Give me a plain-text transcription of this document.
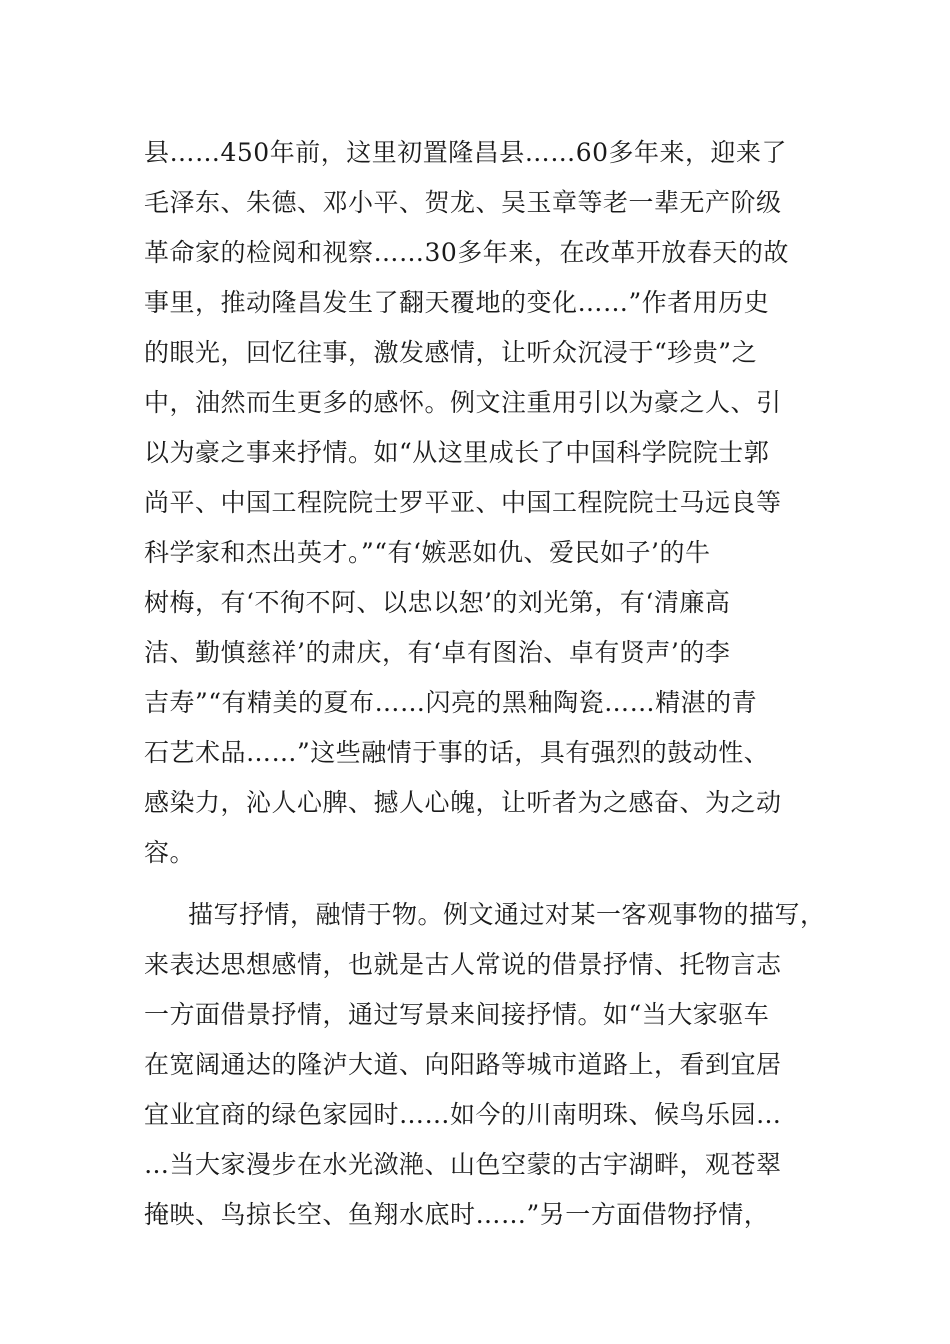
县……450年前，这里初置隆昌县……60多年来，迎来了
毛泽东、朱德、邓小平、贺龙、吴玉章等老一辈无产阶级
革命家的检阅和视察……30多年来，在改革开放春天的故
事里，推动隆昌发生了翻天覆地的变化……”作者用历史
的眼光，回忆往事，激发感情，让听众沉浸于“珍贵”之
中，油然而生更多的感怀。例文注重用引以为豪之人、引
以为豪之事来抒情。如“从这里成长了中国科学院院士郭
尚平、中国工程院院士罗平亚、中国工程院院士马远良等
科学家和杰出英才。”“有‘嫉恶如仇、爱民如子’的牛
树梅，有‘不徇不阿、以忠以恕’的刘光第，有‘清廉高
洁、勤慎慈祥’的肃庆，有‘卓有图治、卓有贤声’的李
吉寿”“有精美的夏布……闪亮的黑釉陶瓷……精湛的青
石艺术品……”这些融情于事的话，具有强烈的鼓动性、
感染力，沁人心脾、撼人心魄，让听者为之感奋、为之动
容。
描写抒情，融情于物。例文通过对某一客观事物的描写，
来表达思想感情，也就是古人常说的借景抒情、托物言志
一方面借景抒情，通过写景来间接抒情。如“当大家驱车
在宽阔通达的隆泸大道、向阳路等城市道路上，看到宜居
宜业宜商的绿色家园时……如今的川南明珠、候鸟乐园…
…当大家漫步在水光潋滟、山色空蒙的古宇湖畔，观苍翠
掩映、鸟掠长空、鱼翔水底时……”另一方面借物抒情，
